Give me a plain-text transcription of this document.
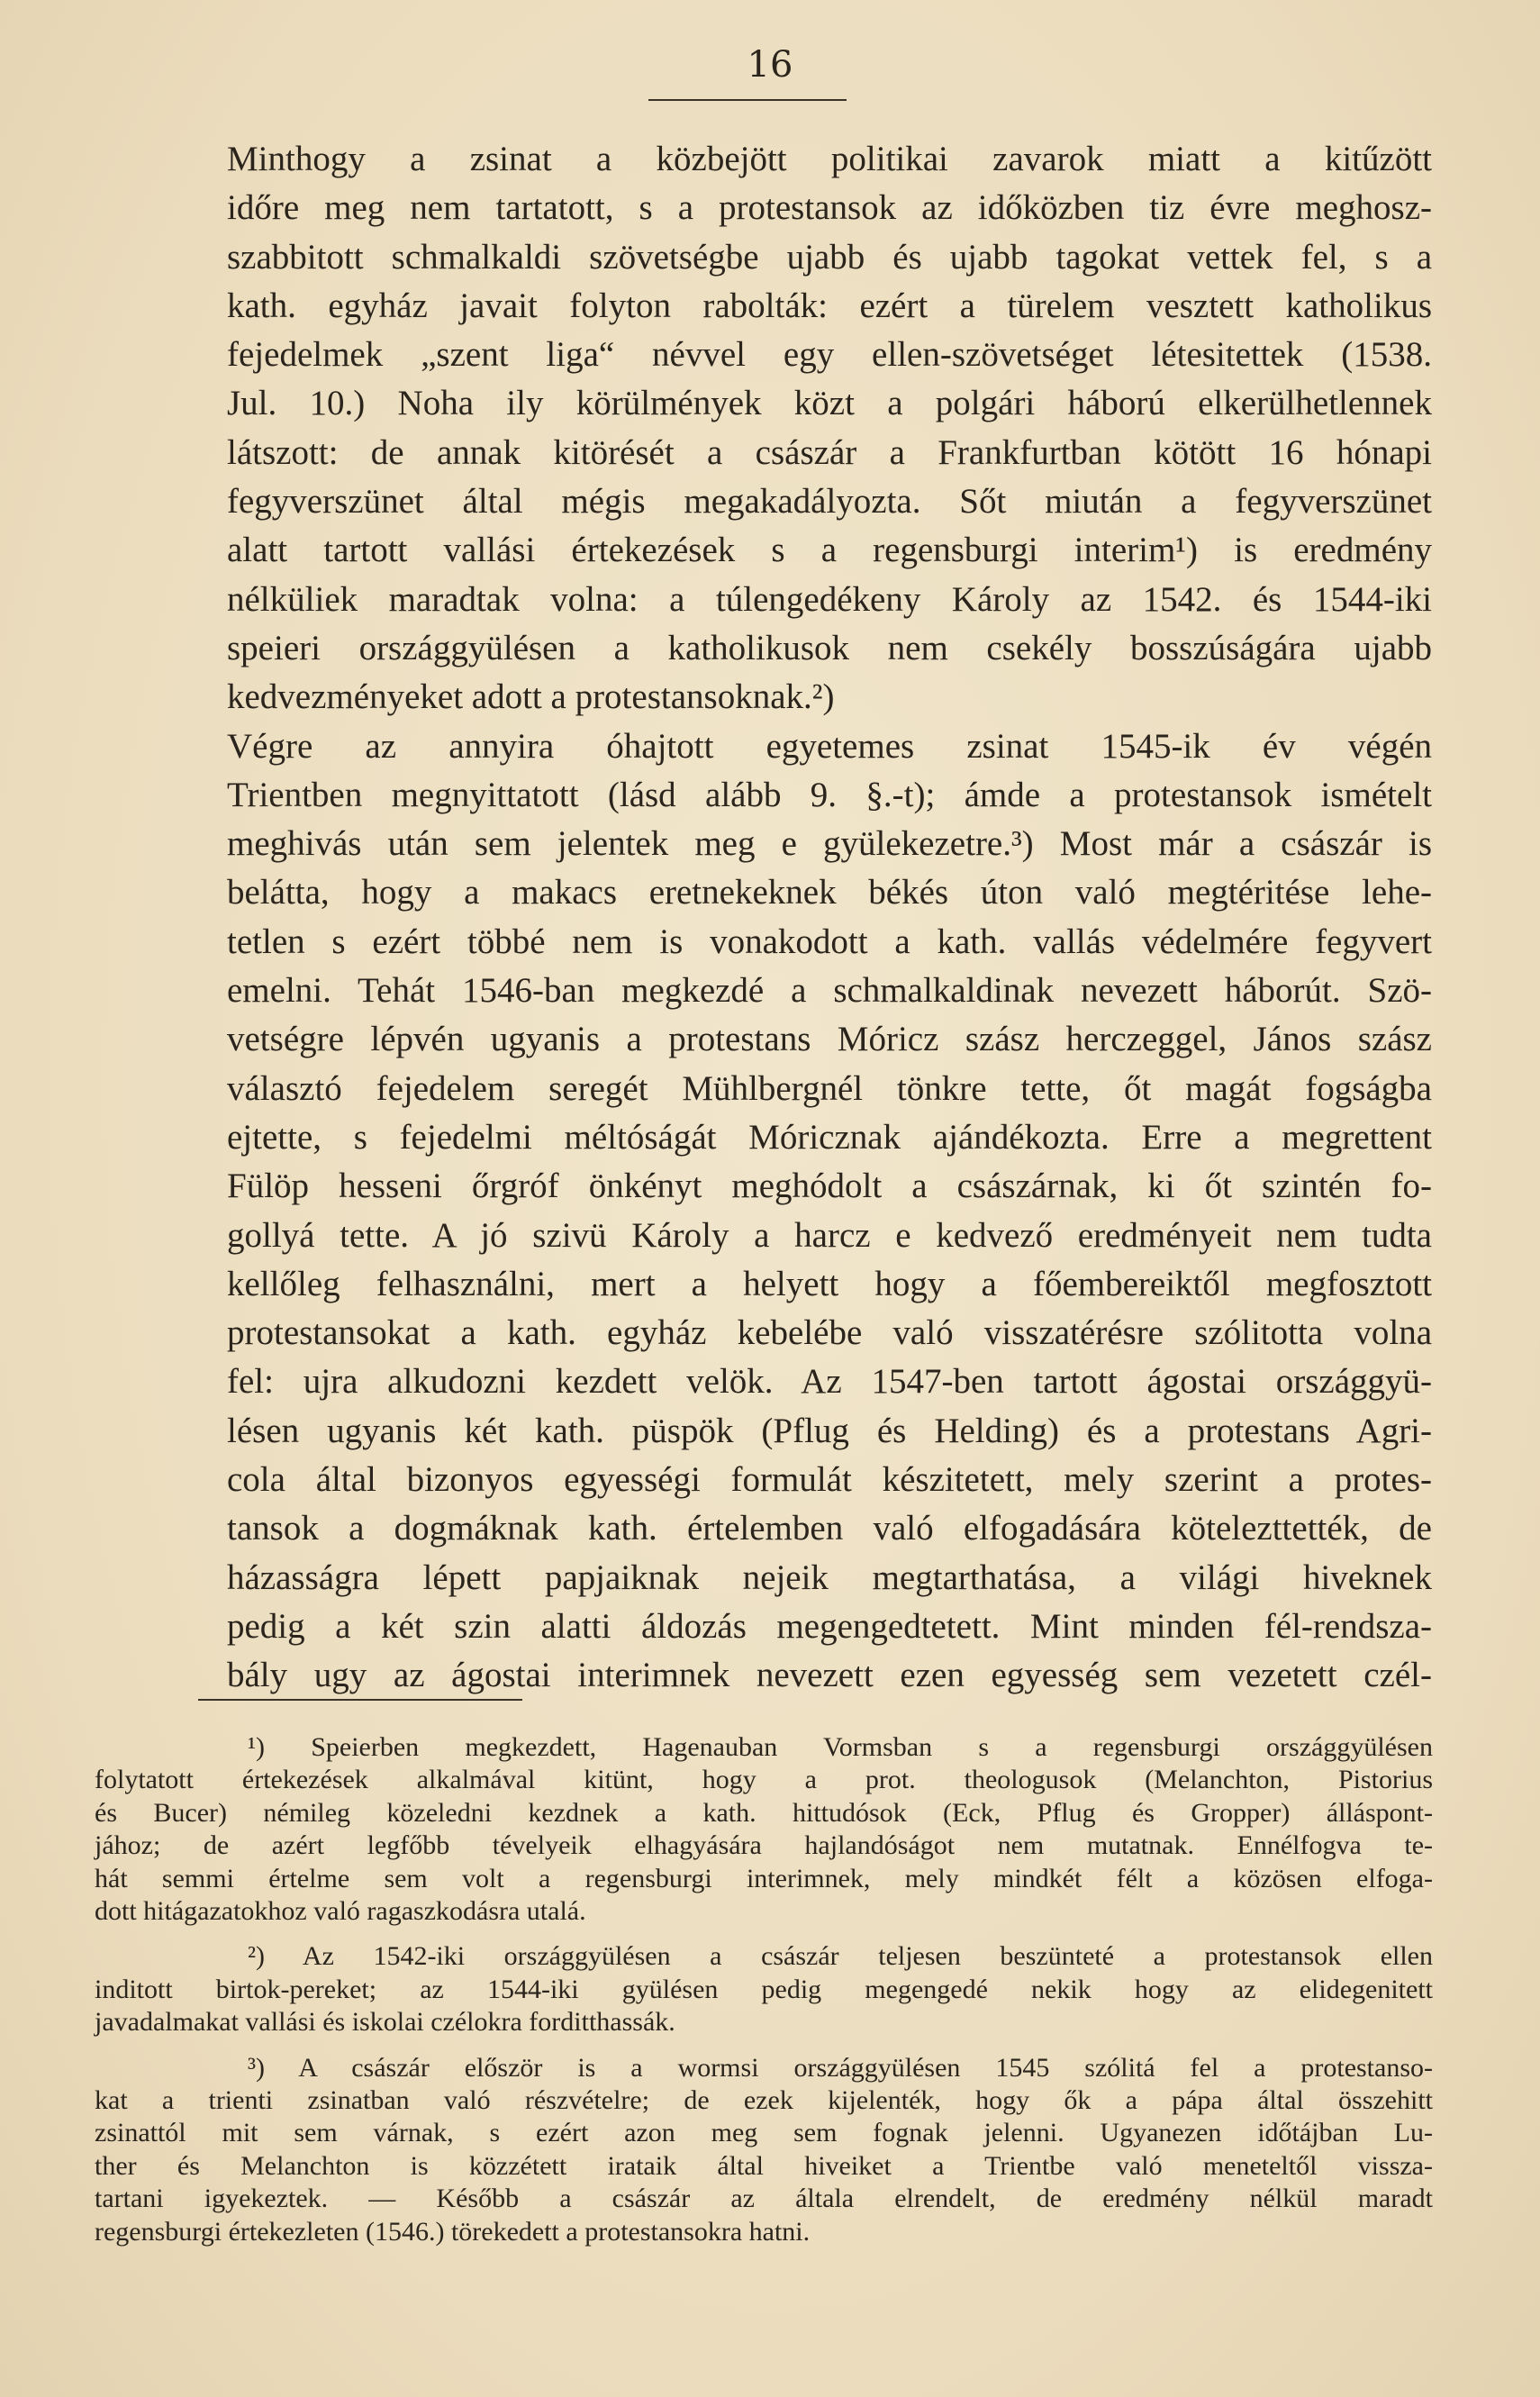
16

Minthogy a zsinat a közbejött politikai zavarok miatt a kitűzött
időre meg nem tartatott, s a protestansok az időközben tiz évre meghosz-
szabbitott schmalkaldi szövetségbe ujabb és ujabb tagokat vettek fel, s a
kath. egyház javait folyton rabolták: ezért a türelem vesztett katholikus
fejedelmek „szent liga“ névvel egy ellen-szövetséget létesitettek (1538.
Jul. 10.) Noha ily körülmények közt a polgári háború elkerülhetlennek
látszott: de annak kitörését a császár a Frankfurtban kötött 16 hónapi
fegyverszünet által mégis megakadályozta. Sőt miután a fegyverszünet
alatt tartott vallási értekezések s a regensburgi interim¹) is eredmény
nélküliek maradtak volna: a túlengedékeny Károly az 1542. és 1544-iki
speieri országgyülésen a katholikusok nem csekély bosszúságára ujabb
kedvezményeket adott a protestansoknak.²)

Végre az annyira óhajtott egyetemes zsinat 1545-ik év végén
Trientben megnyittatott (lásd alább 9. §.-t); ámde a protestansok ismételt
meghivás után sem jelentek meg e gyülekezetre.³) Most már a császár is
belátta, hogy a makacs eretnekeknek békés úton való megtéritése lehe-
tetlen s ezért többé nem is vonakodott a kath. vallás védelmére fegyvert
emelni. Tehát 1546-ban megkezdé a schmalkaldinak nevezett háborút. Szö-
vetségre lépvén ugyanis a protestans Móricz szász herczeggel, János szász
választó fejedelem seregét Mühlbergnél tönkre tette, őt magát fogságba
ejtette, s fejedelmi méltóságát Móricznak ajándékozta. Erre a megrettent
Fülöp hesseni őrgróf önkényt meghódolt a császárnak, ki őt szintén fo-
gollyá tette. A jó szivü Károly a harcz e kedvező eredményeit nem tudta
kellőleg felhasználni, mert a helyett hogy a főembereiktől megfosztott
protestansokat a kath. egyház kebelébe való visszatérésre szólitotta volna
fel: ujra alkudozni kezdett velök. Az 1547-ben tartott ágostai országgyü-
lésen ugyanis két kath. püspök (Pflug és Helding) és a protestans Agri-
cola által bizonyos egyességi formulát készitetett, mely szerint a protes-
tansok a dogmáknak kath. értelemben való elfogadására kötelezttették, de
házasságra lépett papjaiknak nejeik megtarthatása, a világi hiveknek
pedig a két szin alatti áldozás megengedtetett. Mint minden fél-rendsza-
bály ugy az ágostai interimnek nevezett ezen egyesség sem vezetett czél-

¹) Speierben megkezdett, Hagenauban Vormsban s a regensburgi országgyülésen
folytatott értekezések alkalmával kitünt, hogy a prot. theologusok (Melanchton, Pistorius
és Bucer) némileg közeledni kezdnek a kath. hittudósok (Eck, Pflug és Gropper) álláspont-
jához; de azért legfőbb tévelyeik elhagyására hajlandóságot nem mutatnak. Ennélfogva te-
hát semmi értelme sem volt a regensburgi interimnek, mely mindkét félt a közösen elfoga-
dott hitágazatokhoz való ragaszkodásra utalá.
²) Az 1542-iki országgyülésen a császár teljesen beszünteté a protestansok ellen
inditott birtok-pereket; az 1544-iki gyülésen pedig megengedé nekik hogy az elidegenitett
javadalmakat vallási és iskolai czélokra forditthassák.
³) A császár először is a wormsi országgyülésen 1545 szólitá fel a protestanso-
kat a trienti zsinatban való részvételre; de ezek kijelenték, hogy ők a pápa által összehitt
zsinattól mit sem várnak, s ezért azon meg sem fognak jelenni. Ugyanezen időtájban Lu-
ther és Melanchton is közzétett iratаik által hiveiket a Trientbe való meneteltől vissza-
tartani igyekeztek. — Később a császár az általa elrendelt, de eredmény nélkül maradt
regensburgi értekezleten (1546.) törekedett a protestansokra hatni.
